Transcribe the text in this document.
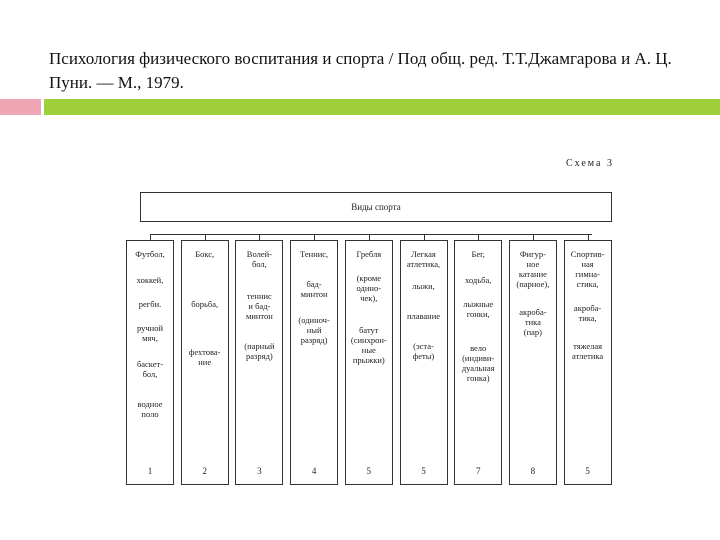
Психология физического воспитания и спорта / Под общ. ред. Т.Т.Джамгарова и А. Ц. Пуни. — М., 1979.
Схема 3
Виды спорта
Футбол,
хоккей,
регби.
ручной
мяч,
баскет-
бол,
водное
поло
1
Бокс,
борьба,
фехтова-
ние
2
Волей-
бол,
теннис
и бад-
минтон
(парный
разряд)
3
Теннис,
бад-
минтон
(одиноч-
ный
разряд)
4
Гребля
(кроме
одино-
чек),
батут
(синхрон-
ные
прыжки)
5
Легкая
атлетика,
лыжи,
плавание
(эста-
феты)
5
Бег,
ходьба,
лыжные
гонки,
вело
(индиви-
дуальная
гонка)
7
Фигур-
ное
катание
(парное),
акроба-
тика
(пар)
8
Спортив-
ная
гимна-
стика,
акроба-
тика,
тяжелая
атлетика
5
